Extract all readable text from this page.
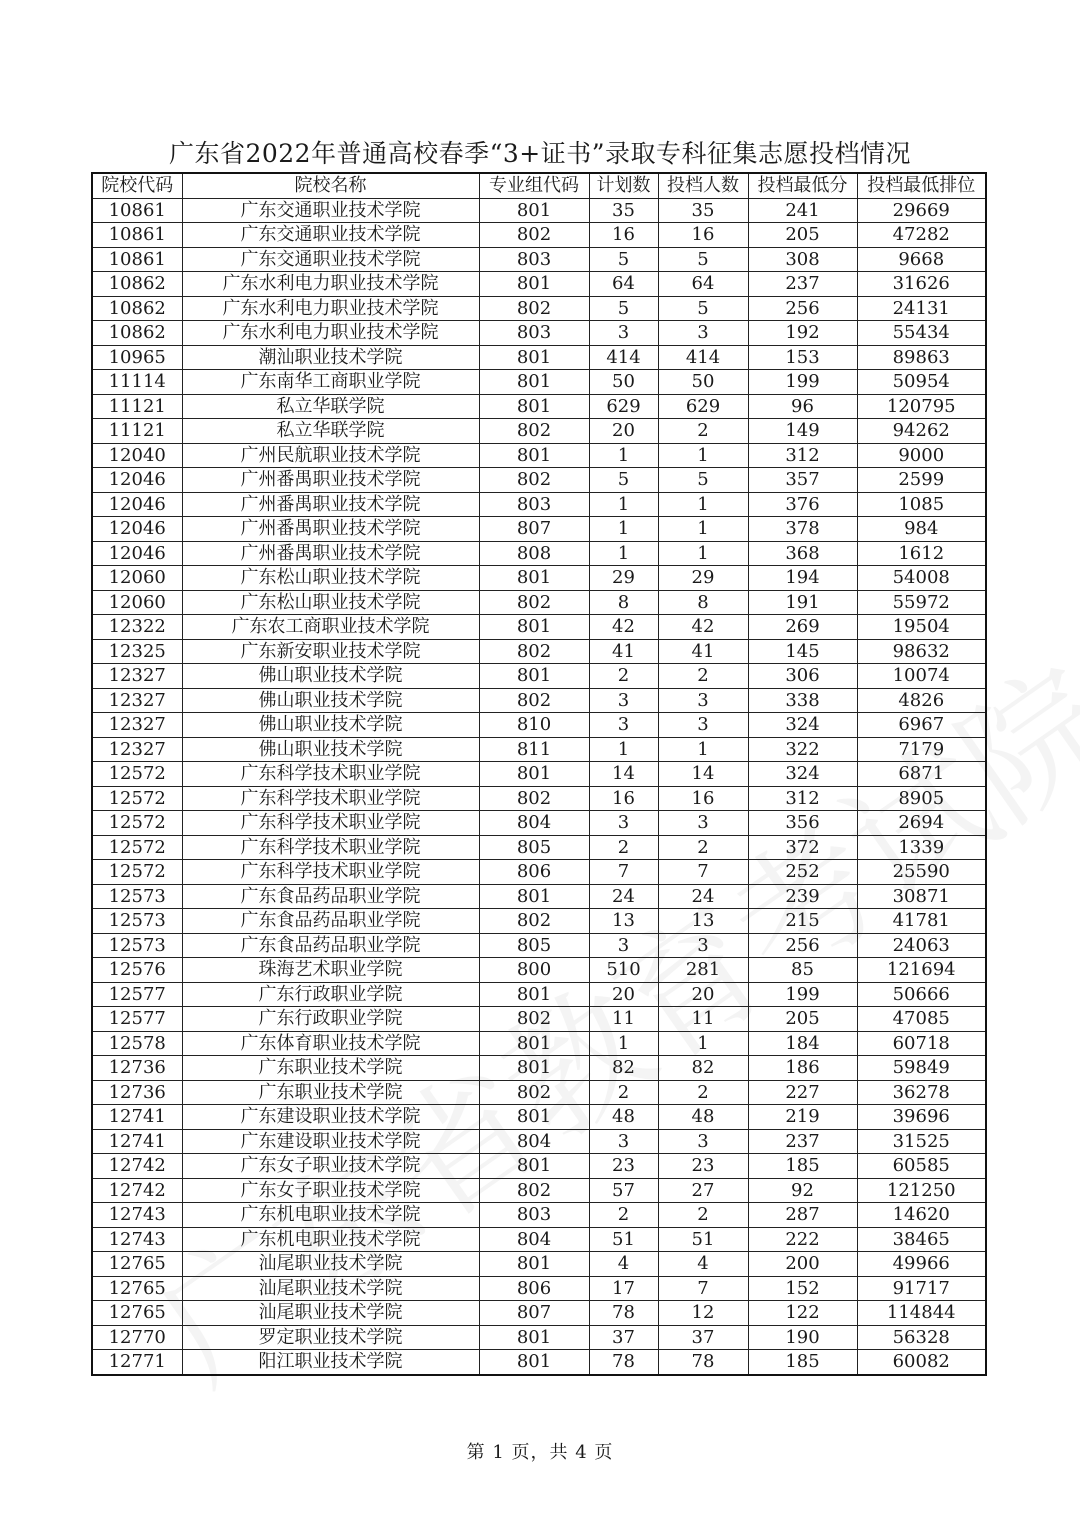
广东省2022年普通高校春季“3+证书”录取专科征集志愿投档情况
院校代码	院校名称	专业组代码	计划数	投档人数	投档最低分	投档最低排位
10861	广东交通职业技术学院	801	35	35	241	29669
10861	广东交通职业技术学院	802	16	16	205	47282
10861	广东交通职业技术学院	803	5	5	308	9668
10862	广东水利电力职业技术学院	801	64	64	237	31626
10862	广东水利电力职业技术学院	802	5	5	256	24131
10862	广东水利电力职业技术学院	803	3	3	192	55434
10965	潮汕职业技术学院	801	414	414	153	89863
11114	广东南华工商职业学院	801	50	50	199	50954
11121	私立华联学院	801	629	629	96	120795
11121	私立华联学院	802	20	2	149	94262
12040	广州民航职业技术学院	801	1	1	312	9000
12046	广州番禺职业技术学院	802	5	5	357	2599
12046	广州番禺职业技术学院	803	1	1	376	1085
12046	广州番禺职业技术学院	807	1	1	378	984
12046	广州番禺职业技术学院	808	1	1	368	1612
12060	广东松山职业技术学院	801	29	29	194	54008
12060	广东松山职业技术学院	802	8	8	191	55972
12322	广东农工商职业技术学院	801	42	42	269	19504
12325	广东新安职业技术学院	802	41	41	145	98632
12327	佛山职业技术学院	801	2	2	306	10074
12327	佛山职业技术学院	802	3	3	338	4826
12327	佛山职业技术学院	810	3	3	324	6967
12327	佛山职业技术学院	811	1	1	322	7179
12572	广东科学技术职业学院	801	14	14	324	6871
12572	广东科学技术职业学院	802	16	16	312	8905
12572	广东科学技术职业学院	804	3	3	356	2694
12572	广东科学技术职业学院	805	2	2	372	1339
12572	广东科学技术职业学院	806	7	7	252	25590
12573	广东食品药品职业学院	801	24	24	239	30871
12573	广东食品药品职业学院	802	13	13	215	41781
12573	广东食品药品职业学院	805	3	3	256	24063
12576	珠海艺术职业学院	800	510	281	85	121694
12577	广东行政职业学院	801	20	20	199	50666
12577	广东行政职业学院	802	11	11	205	47085
12578	广东体育职业技术学院	801	1	1	184	60718
12736	广东职业技术学院	801	82	82	186	59849
12736	广东职业技术学院	802	2	2	227	36278
12741	广东建设职业技术学院	801	48	48	219	39696
12741	广东建设职业技术学院	804	3	3	237	31525
12742	广东女子职业技术学院	801	23	23	185	60585
12742	广东女子职业技术学院	802	57	27	92	121250
12743	广东机电职业技术学院	803	2	2	287	14620
12743	广东机电职业技术学院	804	51	51	222	38465
12765	汕尾职业技术学院	801	4	4	200	49966
12765	汕尾职业技术学院	806	17	7	152	91717
12765	汕尾职业技术学院	807	78	12	122	114844
12770	罗定职业技术学院	801	37	37	190	56328
12771	阳江职业技术学院	801	78	78	185	60082
第 1 页，共 4 页
